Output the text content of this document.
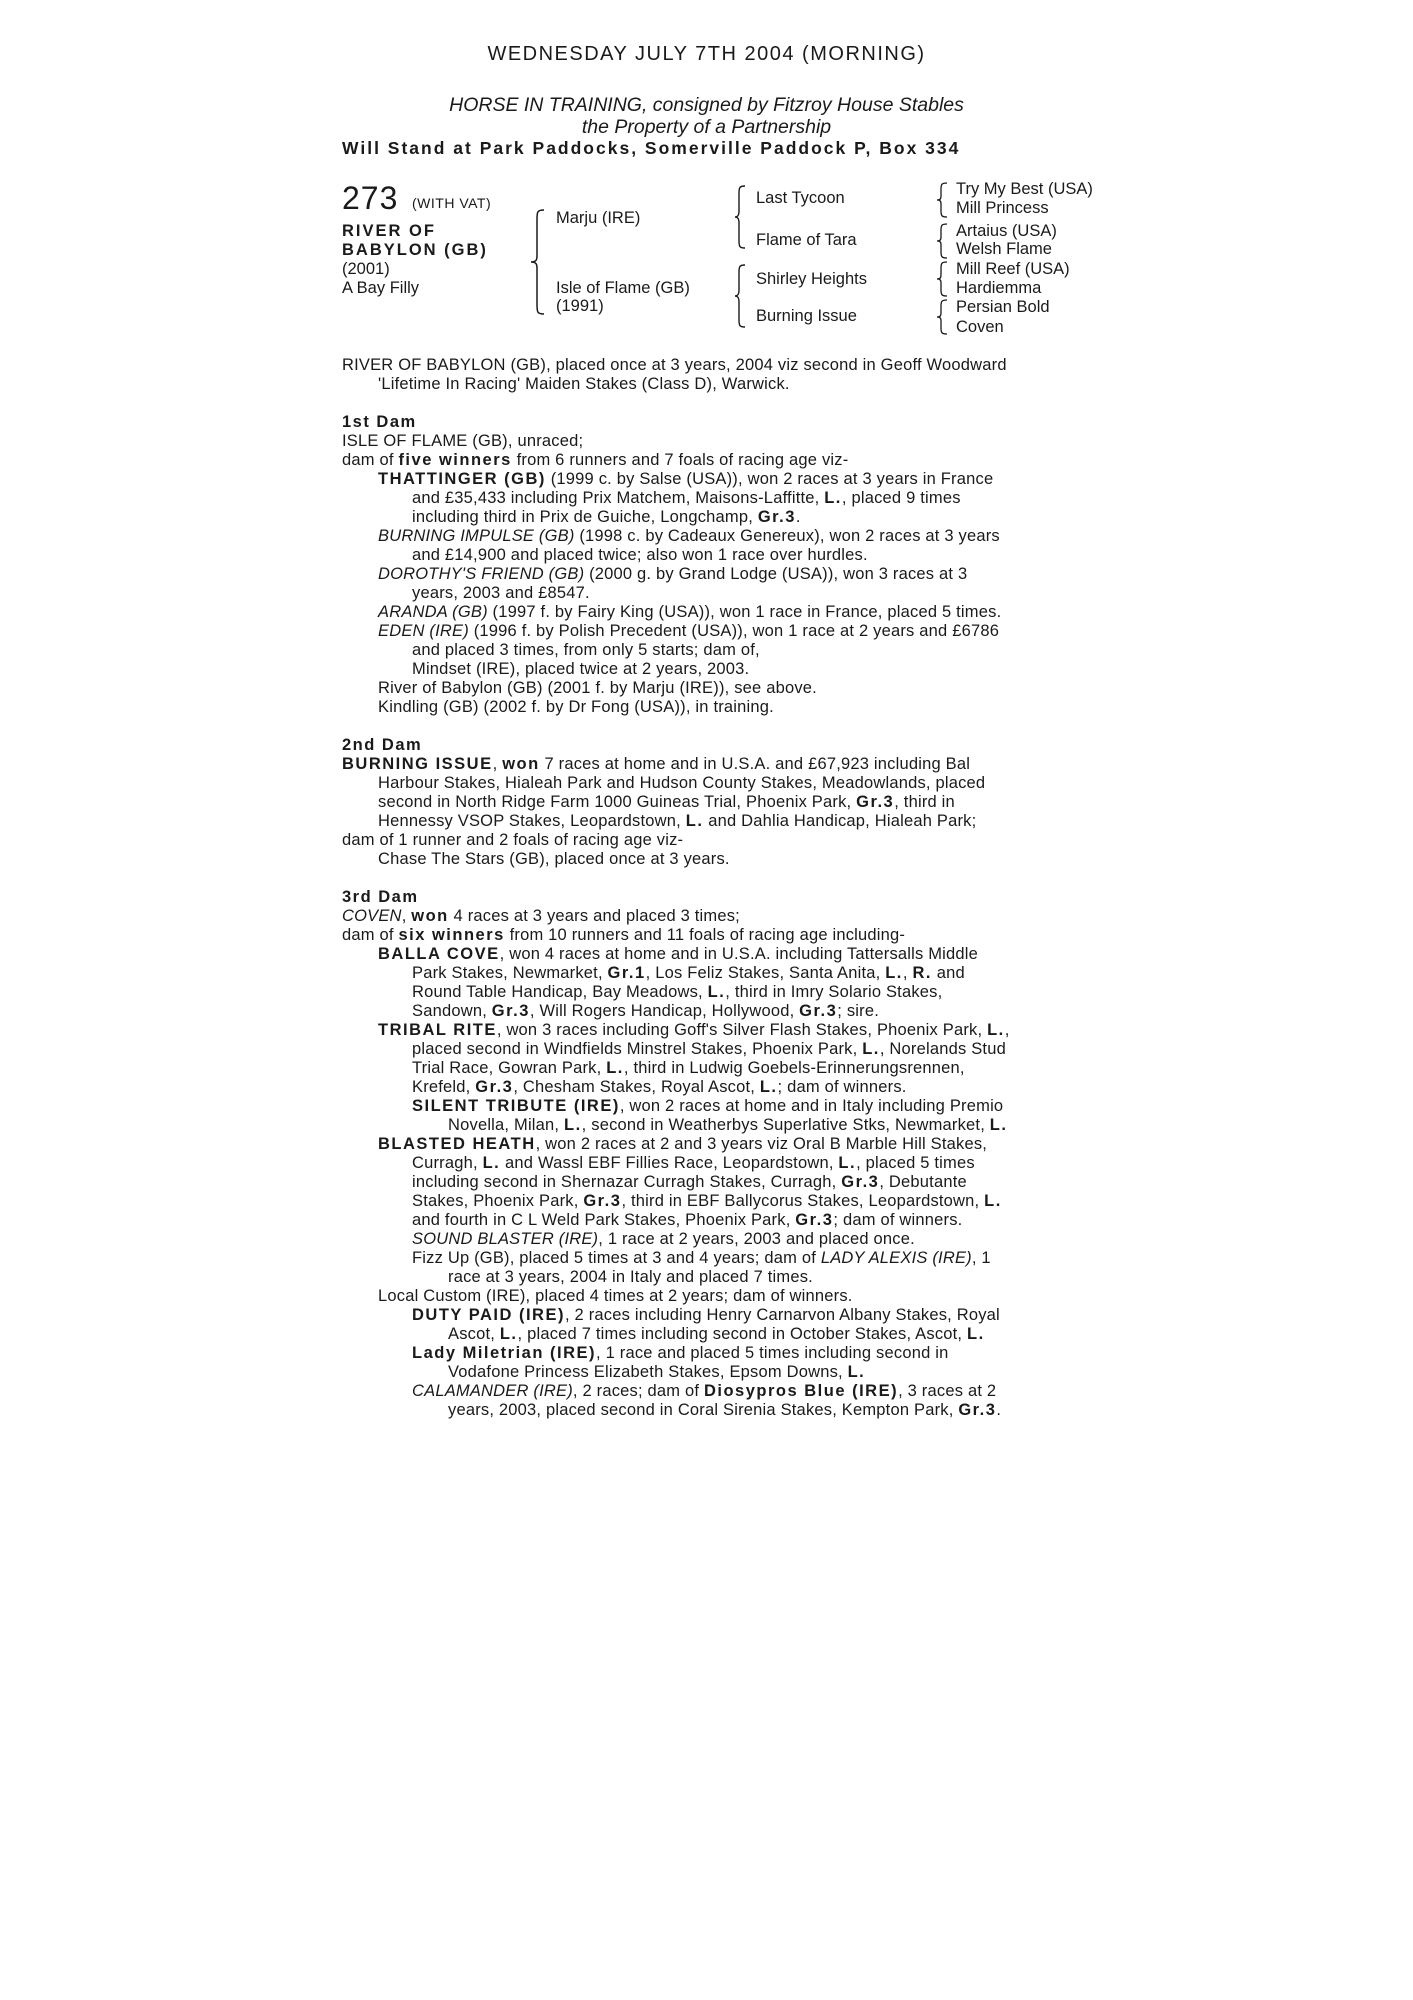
WEDNESDAY JULY 7TH 2004 (MORNING)
HORSE IN TRAINING, consigned by Fitzroy House Stables
the Property of a Partnership
Will Stand at Park Paddocks, Somerville Paddock P, Box 334
273 (WITH VAT)
RIVER OF BABYLON (GB)
(2001)
A Bay Filly
Marju (IRE)
Isle of Flame (GB)
(1991)
Last Tycoon
Flame of Tara
Shirley Heights
Burning Issue
Try My Best (USA)
Mill Princess
Artaius (USA)
Welsh Flame
Mill Reef (USA)
Hardiemma
Persian Bold
Coven
RIVER OF BABYLON (GB), placed once at 3 years, 2004 viz second in Geoff Woodward
'Lifetime In Racing' Maiden Stakes (Class D), Warwick.
1st Dam
ISLE OF FLAME (GB), unraced;
dam of five winners from 6 runners and 7 foals of racing age viz-
THATTINGER (GB) (1999 c. by Salse (USA)), won 2 races at 3 years in France
and £35,433 including Prix Matchem, Maisons-Laffitte, L., placed 9 times
including third in Prix de Guiche, Longchamp, Gr.3.
BURNING IMPULSE (GB) (1998 c. by Cadeaux Genereux), won 2 races at 3 years
and £14,900 and placed twice; also won 1 race over hurdles.
DOROTHY'S FRIEND (GB) (2000 g. by Grand Lodge (USA)), won 3 races at 3
years, 2003 and £8547.
ARANDA (GB) (1997 f. by Fairy King (USA)), won 1 race in France, placed 5 times.
EDEN (IRE) (1996 f. by Polish Precedent (USA)), won 1 race at 2 years and £6786
and placed 3 times, from only 5 starts; dam of,
Mindset (IRE), placed twice at 2 years, 2003.
River of Babylon (GB) (2001 f. by Marju (IRE)), see above.
Kindling (GB) (2002 f. by Dr Fong (USA)), in training.
2nd Dam
BURNING ISSUE, won 7 races at home and in U.S.A. and £67,923 including Bal
Harbour Stakes, Hialeah Park and Hudson County Stakes, Meadowlands, placed
second in North Ridge Farm 1000 Guineas Trial, Phoenix Park, Gr.3, third in
Hennessy VSOP Stakes, Leopardstown, L. and Dahlia Handicap, Hialeah Park;
dam of 1 runner and 2 foals of racing age viz-
Chase The Stars (GB), placed once at 3 years.
3rd Dam
COVEN, won 4 races at 3 years and placed 3 times;
dam of six winners from 10 runners and 11 foals of racing age including-
BALLA COVE, won 4 races at home and in U.S.A. including Tattersalls Middle
Park Stakes, Newmarket, Gr.1, Los Feliz Stakes, Santa Anita, L., R. and
Round Table Handicap, Bay Meadows, L., third in Imry Solario Stakes,
Sandown, Gr.3, Will Rogers Handicap, Hollywood, Gr.3; sire.
TRIBAL RITE, won 3 races including Goff's Silver Flash Stakes, Phoenix Park, L.,
placed second in Windfields Minstrel Stakes, Phoenix Park, L., Norelands Stud
Trial Race, Gowran Park, L., third in Ludwig Goebels-Erinnerungsrennen,
Krefeld, Gr.3, Chesham Stakes, Royal Ascot, L.; dam of winners.
SILENT TRIBUTE (IRE), won 2 races at home and in Italy including Premio
Novella, Milan, L., second in Weatherbys Superlative Stks, Newmarket, L.
BLASTED HEATH, won 2 races at 2 and 3 years viz Oral B Marble Hill Stakes,
Curragh, L. and Wassl EBF Fillies Race, Leopardstown, L., placed 5 times
including second in Shernazar Curragh Stakes, Curragh, Gr.3, Debutante
Stakes, Phoenix Park, Gr.3, third in EBF Ballycorus Stakes, Leopardstown, L.
and fourth in C L Weld Park Stakes, Phoenix Park, Gr.3; dam of winners.
SOUND BLASTER (IRE), 1 race at 2 years, 2003 and placed once.
Fizz Up (GB), placed 5 times at 3 and 4 years; dam of LADY ALEXIS (IRE), 1
race at 3 years, 2004 in Italy and placed 7 times.
Local Custom (IRE), placed 4 times at 2 years; dam of winners.
DUTY PAID (IRE), 2 races including Henry Carnarvon Albany Stakes, Royal
Ascot, L., placed 7 times including second in October Stakes, Ascot, L.
Lady Miletrian (IRE), 1 race and placed 5 times including second in
Vodafone Princess Elizabeth Stakes, Epsom Downs, L.
CALAMANDER (IRE), 2 races; dam of Diosypros Blue (IRE), 3 races at 2
years, 2003, placed second in Coral Sirenia Stakes, Kempton Park, Gr.3.
